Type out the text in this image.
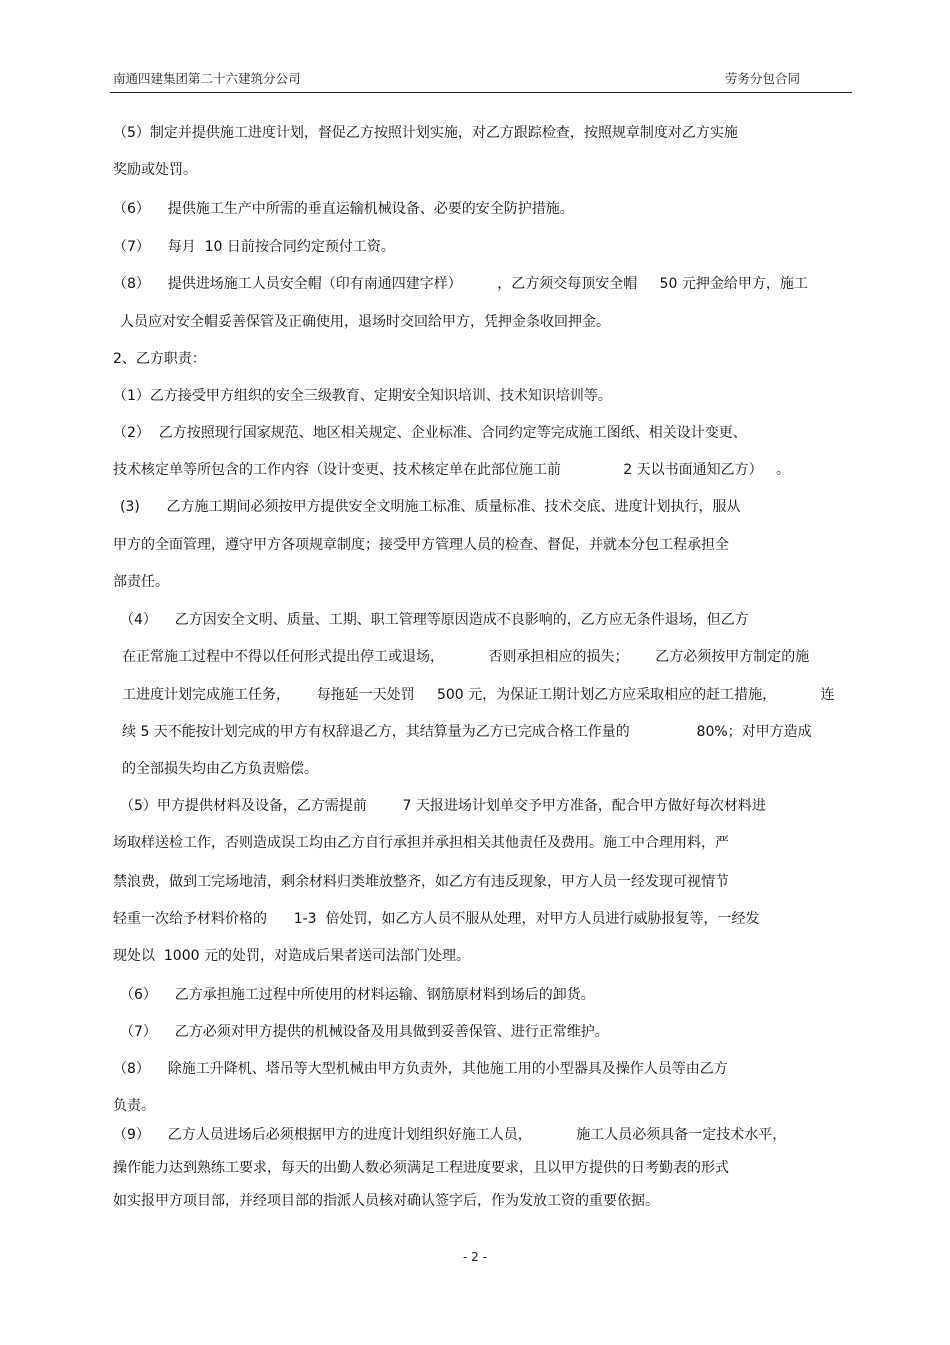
南通四建集团第二十六建筑分公司	劳务分包合同
（5）制定并提供施工进度计划，督促乙方按照计划实施，对乙方跟踪检查，按照规章制度对乙方实施
奖励或处罚。
（6）    提供施工生产中所需的垂直运输机械设备、必要的安全防护措施。
（7）    每月  10 日前按合同约定预付工资。
（8）    提供进场施工人员安全帽（印有南通四建字样）        ，乙方须交每顶安全帽     50 元押金给甲方，施工
人员应对安全帽妥善保管及正确使用，退场时交回给甲方，凭押金条收回押金。
2、乙方职责：
（1）乙方接受甲方组织的安全三级教育、定期安全知识培训、技术知识培训等。
（2）  乙方按照现行国家规范、地区相关规定、企业标准、合同约定等完成施工图纸、相关设计变更、
技术核定单等所包含的工作内容（设计变更、技术核定单在此部位施工前              2 天以书面通知乙方）   。
(3)      乙方施工期间必须按甲方提供安全文明施工标准、质量标准、技术交底、进度计划执行，服从
甲方的全面管理，遵守甲方各项规章制度；接受甲方管理人员的检查、督促，并就本分包工程承担全
部责任。
（4）    乙方因安全文明、质量、工期、职工管理等原因造成不良影响的，乙方应无条件退场，但乙方
在正常施工过程中不得以任何形式提出停工或退场，          否则承担相应的损失；      乙方必须按甲方制定的施
工进度计划完成施工任务，      每拖延一天处罚     500 元，为保证工期计划乙方应采取相应的赶工措施，          连
续 5 天不能按计划完成的甲方有权辞退乙方，其结算量为乙方已完成合格工作量的               80%；对甲方造成
的全部损失均由乙方负责赔偿。
（5）甲方提供材料及设备，乙方需提前        7 天报进场计划单交予甲方准备，配合甲方做好每次材料进
场取样送检工作，否则造成误工均由乙方自行承担并承担相关其他责任及费用。施工中合理用料，严
禁浪费，做到工完场地清，剩余材料归类堆放整齐，如乙方有违反现象，甲方人员一经发现可视情节
轻重一次给予材料价格的      1-3  倍处罚，如乙方人员不服从处理，对甲方人员进行威胁报复等，一经发
现处以  1000 元的处罚，对造成后果者送司法部门处理。
（6）    乙方承担施工过程中所使用的材料运输、钢筋原材料到场后的卸货。
（7）    乙方必须对甲方提供的机械设备及用具做到妥善保管、进行正常维护。
（8）    除施工升降机、塔吊等大型机械由甲方负责外，其他施工用的小型器具及操作人员等由乙方
负责。
（9）    乙方人员进场后必须根据甲方的进度计划组织好施工人员，          施工人员必须具备一定技术水平，
操作能力达到熟练工要求，每天的出勤人数必须满足工程进度要求，且以甲方提供的日考勤表的形式
如实报甲方项目部，并经项目部的指派人员核对确认签字后，作为发放工资的重要依据。
- 2 -
